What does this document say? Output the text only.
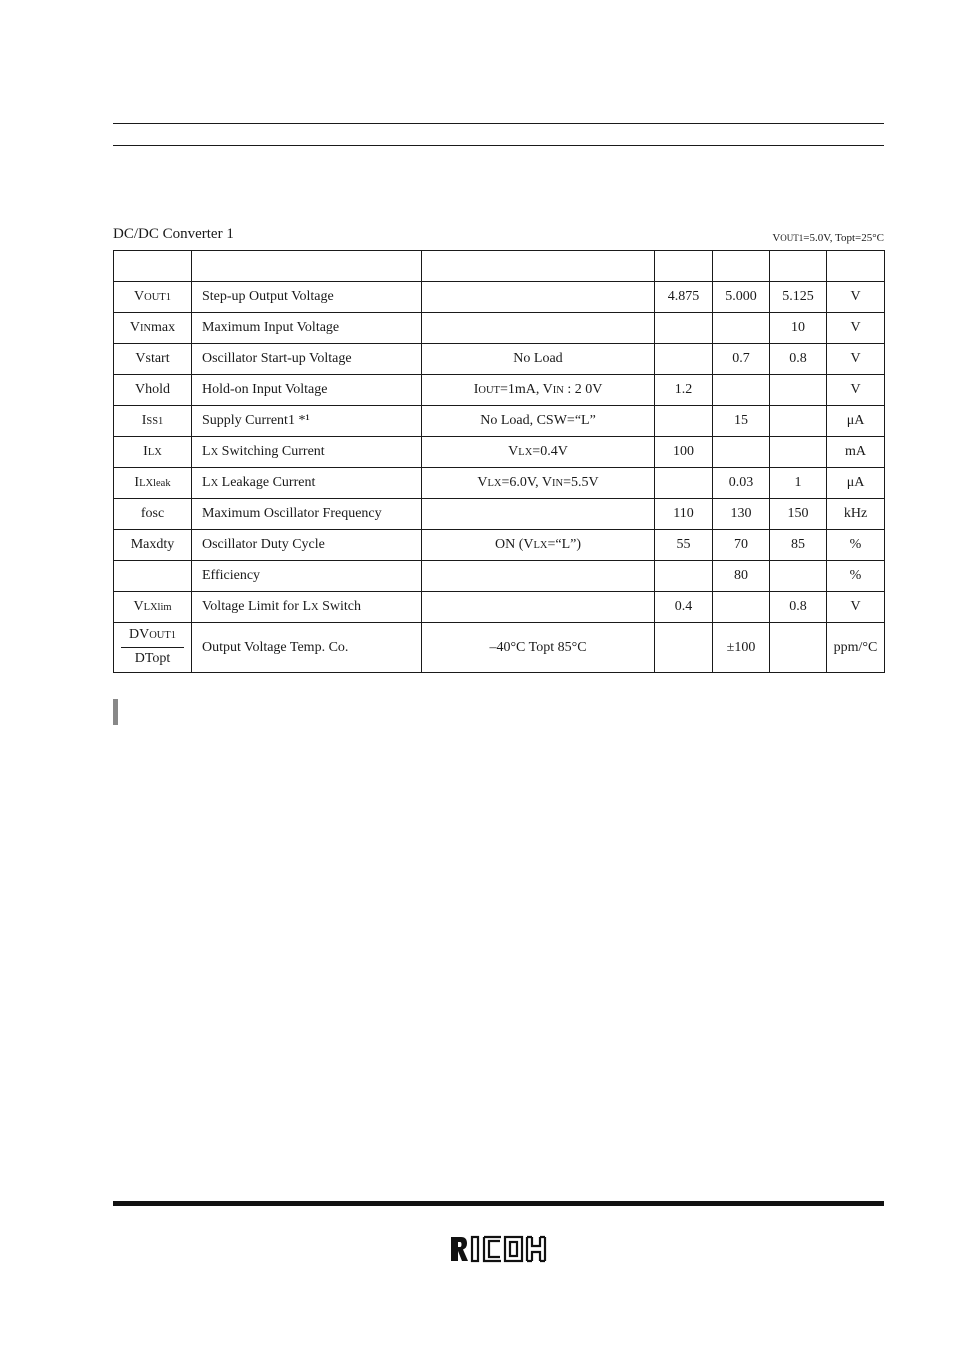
DC/DC Converter 1	VOUT1=5.0V, Topt=25°C

VOUT1	Step-up Output Voltage		4.875	5.000	5.125	V
VINmax	Maximum Input Voltage				10	V
Vstart	Oscillator Start-up Voltage	No Load		0.7	0.8	V
Vhold	Hold-on Input Voltage	IOUT=1mA, VIN : 2 0V	1.2			V
ISS1	Supply Current1 *¹	No Load, CSW=“L”		15		μA
ILX	LX Switching Current	VLX=0.4V	100			mA
ILXleak	LX Leakage Current	VLX=6.0V, VIN=5.5V		0.03	1	μA
fosc	Maximum Oscillator Frequency		110	130	150	kHz
Maxdty	Oscillator Duty Cycle	ON (VLX=“L”)	55	70	85	%
	Efficiency			80		%
VLXlim	Voltage Limit for LX Switch		0.4		0.8	V

$\frac{\text{DVOUT1}}{\text{DTopt}}$	Output Voltage Temp. Co.	–40°C Topt 85°C		±100		ppm/°C
